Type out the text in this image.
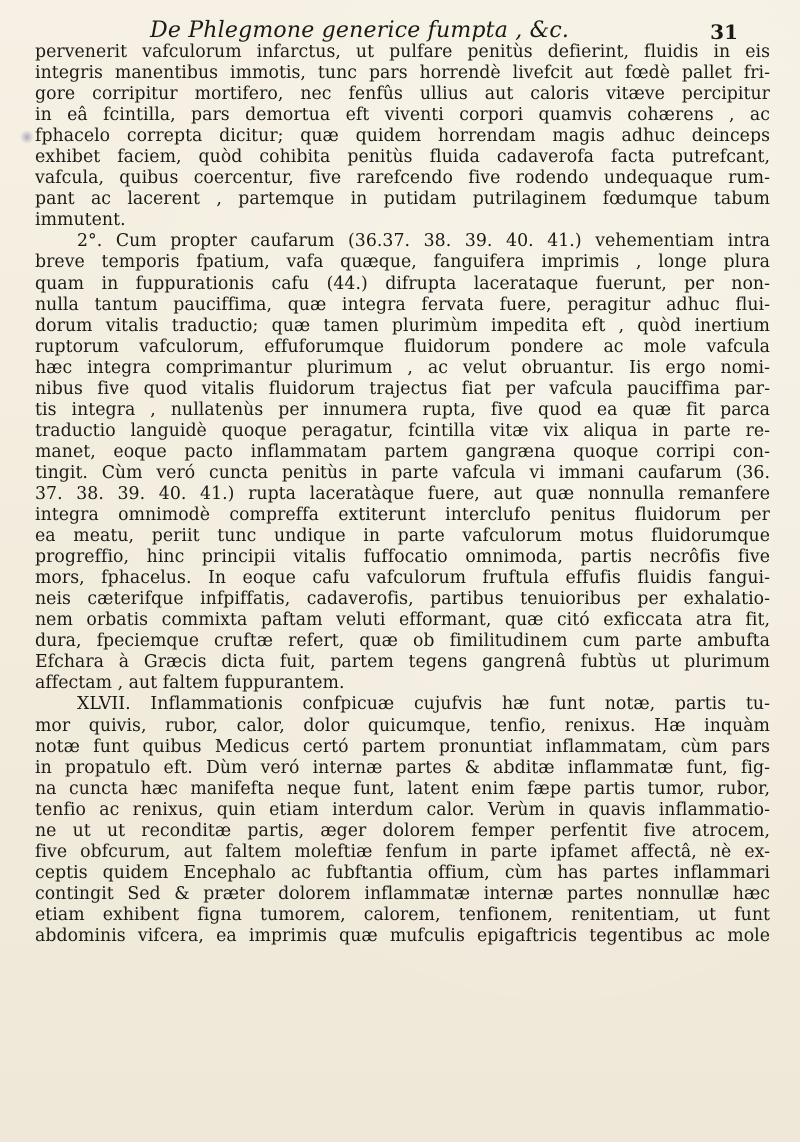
De Phlegmone generice fumpta , &c.	31
pervenerit vafculorum infarctus, ut pulfare penitùs defierint, fluidis in eis
integris manentibus immotis, tunc pars horrendè livefcit aut fœdè pallet fri-
gore corripitur mortifero, nec fenfûs ullius aut caloris vitæve percipitur
in eâ fcintilla, pars demortua eft viventi corpori quamvis cohærens , ac
fphacelo correpta dicitur; quæ quidem horrendam magis adhuc deinceps
exhibet faciem, quòd cohibita penitùs fluida cadaverofa facta putrefcant,
vafcula, quibus coercentur, five rarefcendo five rodendo undequaque rum-
pant ac lacerent , partemque in putidam putrilaginem fœdumque tabum
immutent.
2°. Cum propter caufarum (36.37. 38. 39. 40. 41.) vehementiam intra
breve temporis fpatium, vafa quæque, fanguifera imprimis , longe plura
quam in fuppurationis cafu (44.) difrupta lacerataque fuerunt, per non-
nulla tantum pauciffima, quæ integra fervata fuere, peragitur adhuc flui-
dorum vitalis traductio; quæ tamen plurimùm impedita eft , quòd inertium
ruptorum vafculorum, effuforumque fluidorum pondere ac mole vafcula
hæc integra comprimantur plurimum , ac velut obruantur. Iis ergo nomi-
nibus five quod vitalis fluidorum trajectus fiat per vafcula pauciffima par-
tis integra , nullatenùs per innumera rupta, five quod ea quæ fit parca
traductio languidè quoque peragatur, fcintilla vitæ vix aliqua in parte re-
manet, eoque pacto inflammatam partem gangræna quoque corripi con-
tingit. Cùm veró cuncta penitùs in parte vafcula vi immani caufarum (36.
37. 38. 39. 40. 41.) rupta laceratàque fuere, aut quæ nonnulla remanfere
integra omnimodè compreffa extiterunt interclufo penitus fluidorum per
ea meatu, periit tunc undique in parte vafculorum motus fluidorumque
progreffio, hinc principii vitalis fuffocatio omnimoda, partis necrôfis five
mors, fphacelus. In eoque cafu vafculorum fruftula effufis fluidis fangui-
neis cæterifque infpiffatis, cadaverofis, partibus tenuioribus per exhalatio-
nem orbatis commixta paftam veluti efformant, quæ citó exficcata atra fit,
dura, fpeciemque cruftæ refert, quæ ob fimilitudinem cum parte ambufta
Efchara à Græcis dicta fuit, partem tegens gangrenâ fubtùs ut plurimum
affectam , aut faltem fuppurantem.
XLVII. Inflammationis confpicuæ cujufvis hæ funt notæ, partis tu-
mor quivis, rubor, calor, dolor quicumque, tenfio, renixus. Hæ inquàm
notæ funt quibus Medicus certó partem pronuntiat inflammatam, cùm pars
in propatulo eft. Dùm veró internæ partes & abditæ inflammatæ funt, fig-
na cuncta hæc manifefta neque funt, latent enim fæpe partis tumor, rubor,
tenfio ac renixus, quin etiam interdum calor. Verùm in quavis inflammatio-
ne ut ut reconditæ partis, æger dolorem femper perfentit five atrocem,
five obfcurum, aut faltem moleftiæ fenfum in parte ipfamet affectâ, nè ex-
ceptis quidem Encephalo ac fubftantia offium, cùm has partes inflammari
contingit Sed & præter dolorem inflammatæ internæ partes nonnullæ hæc
etiam exhibent figna tumorem, calorem, tenfionem, renitentiam, ut funt
abdominis vifcera, ea imprimis quæ mufculis epigaftricis tegentibus ac mole
